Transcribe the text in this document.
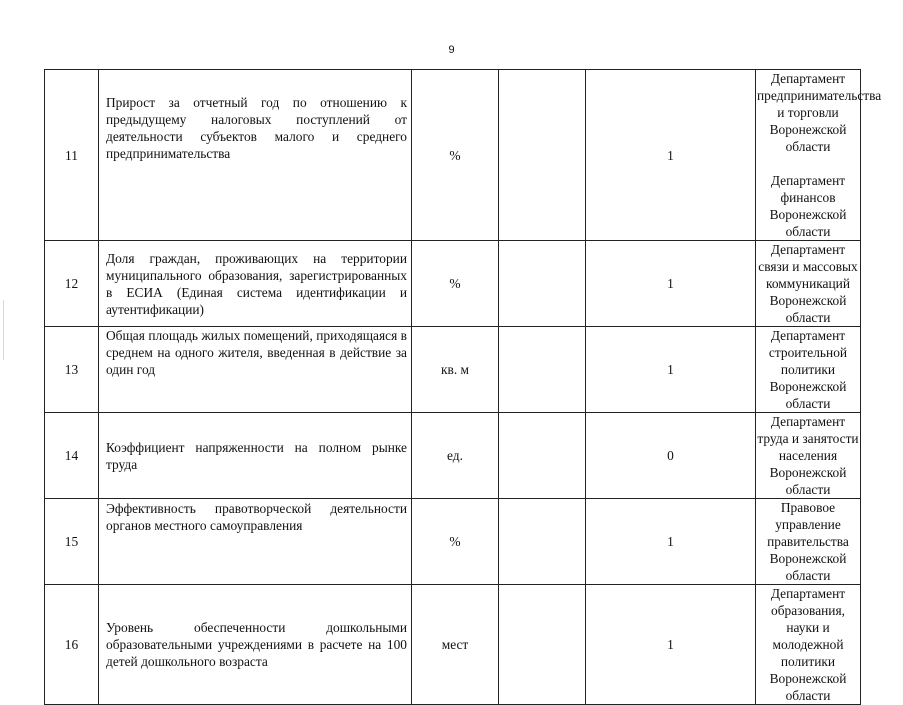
9
11	Прирост за отчетный год по отношению к предыдущему налоговых поступлений от деятельности субъектов малого и среднего предпринимательства	%		1	Департамент предпринимательства и торговли Воронежской области
Департамент финансов Воронежской области

12	Доля граждан, проживающих на территории муниципального образования, зарегистрированных в ЕСИА (Единая система идентификации и аутентификации)	%		1	Департамент связи и массовых коммуникаций Воронежской области

13	Общая площадь жилых помещений, приходящаяся в среднем на одного жителя, введенная в действие за один год	кв. м		1	Департамент строительной политики Воронежской области

14	Коэффициент напряженности на полном рынке труда	ед.		0	Департамент труда и занятости населения Воронежской области

15	Эффективность правотворческой деятельности органов местного самоуправления	%		1	Правовое управление правительства Воронежской области

16	Уровень обеспеченности дошкольными образовательными учреждениями в расчете на 100 детей дошкольного возраста	мест		1	Департамент образования, науки и молодежной политики Воронежской области
